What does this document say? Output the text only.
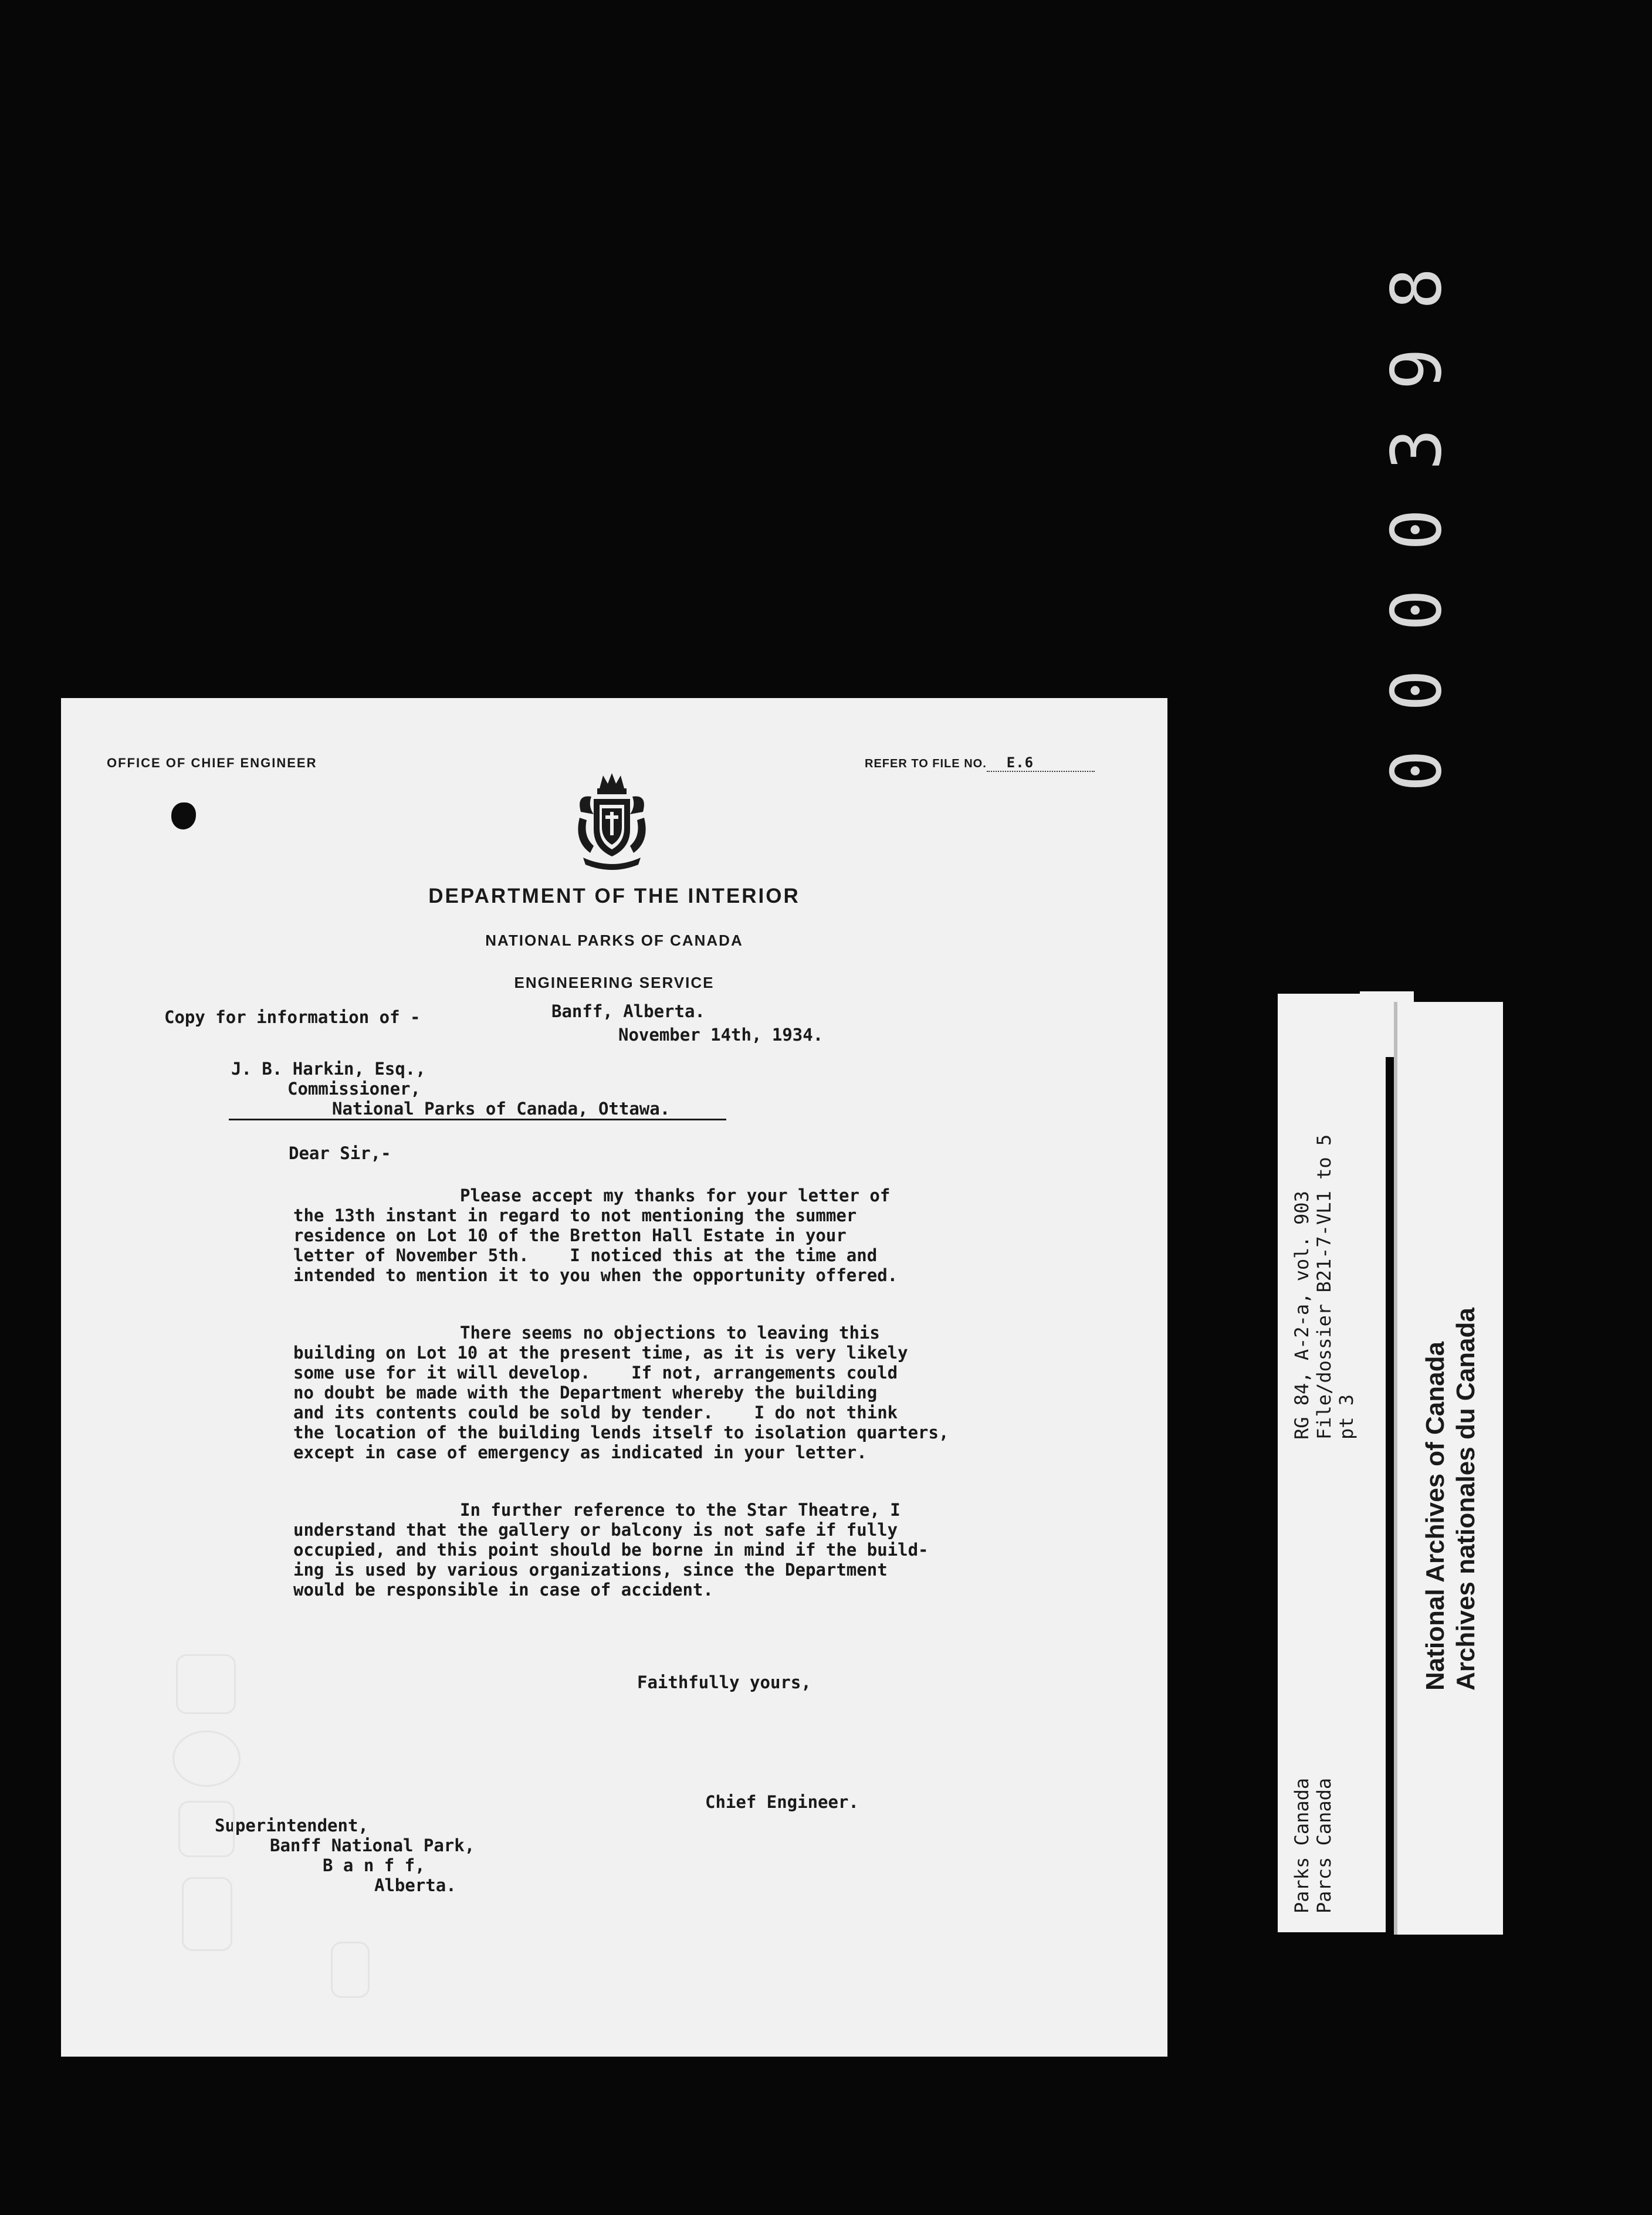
0000398
OFFICE OF CHIEF ENGINEER	REFER TO FILE NO. E.6
DEPARTMENT OF THE INTERIOR
NATIONAL PARKS OF CANADA
ENGINEERING SERVICE
Copy for information of -	Banff, Alberta.
November 14th, 1934.
J. B. Harkin, Esq.,
Commissioner,
National Parks of Canada, Ottawa.
Dear Sir,-
Please accept my thanks for your letter of
the 13th instant in regard to not mentioning the summer
residence on Lot 10 of the Bretton Hall Estate in your
letter of November 5th.    I noticed this at the time and
intended to mention it to you when the opportunity offered.
There seems no objections to leaving this
building on Lot 10 at the present time, as it is very likely
some use for it will develop.    If not, arrangements could
no doubt be made with the Department whereby the building
and its contents could be sold by tender.    I do not think
the location of the building lends itself to isolation quarters,
except in case of emergency as indicated in your letter.
In further reference to the Star Theatre, I
understand that the gallery or balcony is not safe if fully
occupied, and this point should be borne in mind if the build-
ing is used by various organizations, since the Department
would be responsible in case of accident.
Faithfully yours,
Chief Engineer.
Superintendent,
Banff National Park,
B a n f f,
Alberta.
RG 84, A-2-a, vol. 903 File/dossier B21-7-VL1 to 5 pt 3
Parks Canada Parcs Canada
National Archives of Canada Archives nationales du Canada
